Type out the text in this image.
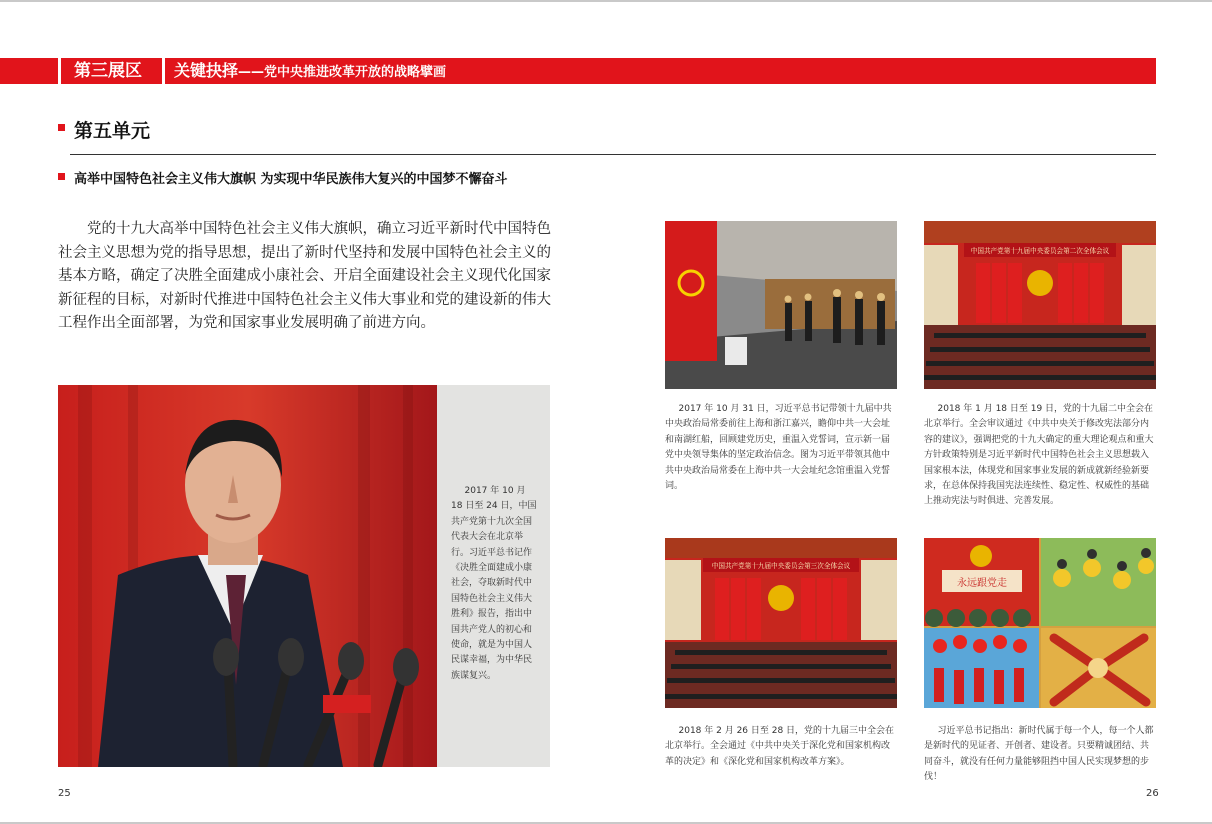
第三展区 关键抉择——党中央推进改革开放的战略擘画
第五单元
高举中国特色社会主义伟大旗帜 为实现中华民族伟大复兴的中国梦不懈奋斗

党的十九大高举中国特色社会主义伟大旗帜，确立习近平新时代中国特色社会主义思想为党的指导思想，提出了新时代坚持和发展中国特色社会主义的基本方略，确定了决胜全面建成小康社会、开启全面建设社会主义现代化国家新征程的目标，对新时代推进中国特色社会主义伟大事业和党的建设新的伟大工程作出全面部署，为党和国家事业发展明确了前进方向。

2017 年 10 月 18 日至 24 日，中国共产党第十九次全国代表大会在北京举行。习近平总书记作《决胜全面建成小康社会，夺取新时代中国特色社会主义伟大胜利》报告，指出中国共产党人的初心和使命，就是为中国人民谋幸福，为中华民族谋复兴。

2017 年 10 月 31 日，习近平总书记带领十九届中共中央政治局常委前往上海和浙江嘉兴，瞻仰中共一大会址和南湖红船，回顾建党历史，重温入党誓词，宣示新一届党中央领导集体的坚定政治信念。图为习近平带领其他中共中央政治局常委在上海中共一大会址纪念馆重温入党誓词。

中国共产党第十九届中央委员会第二次全体会议

2018 年 1 月 18 日至 19 日，党的十九届二中全会在北京举行。全会审议通过《中共中央关于修改宪法部分内容的建议》，强调把党的十九大确定的重大理论观点和重大方针政策特别是习近平新时代中国特色社会主义思想载入国家根本法，体现党和国家事业发展的新成就新经验新要求，在总体保持我国宪法连续性、稳定性、权威性的基础上推动宪法与时俱进、完善发展。

中国共产党第十九届中央委员会第三次全体会议

2018 年 2 月 26 日至 28 日，党的十九届三中全会在北京举行。全会通过《中共中央关于深化党和国家机构改革的决定》和《深化党和国家机构改革方案》。

永远跟党走

习近平总书记指出：新时代属于每一个人，每一个人都是新时代的见证者、开创者、建设者。只要精诚团结、共同奋斗，就没有任何力量能够阻挡中国人民实现梦想的步伐！

25	26
